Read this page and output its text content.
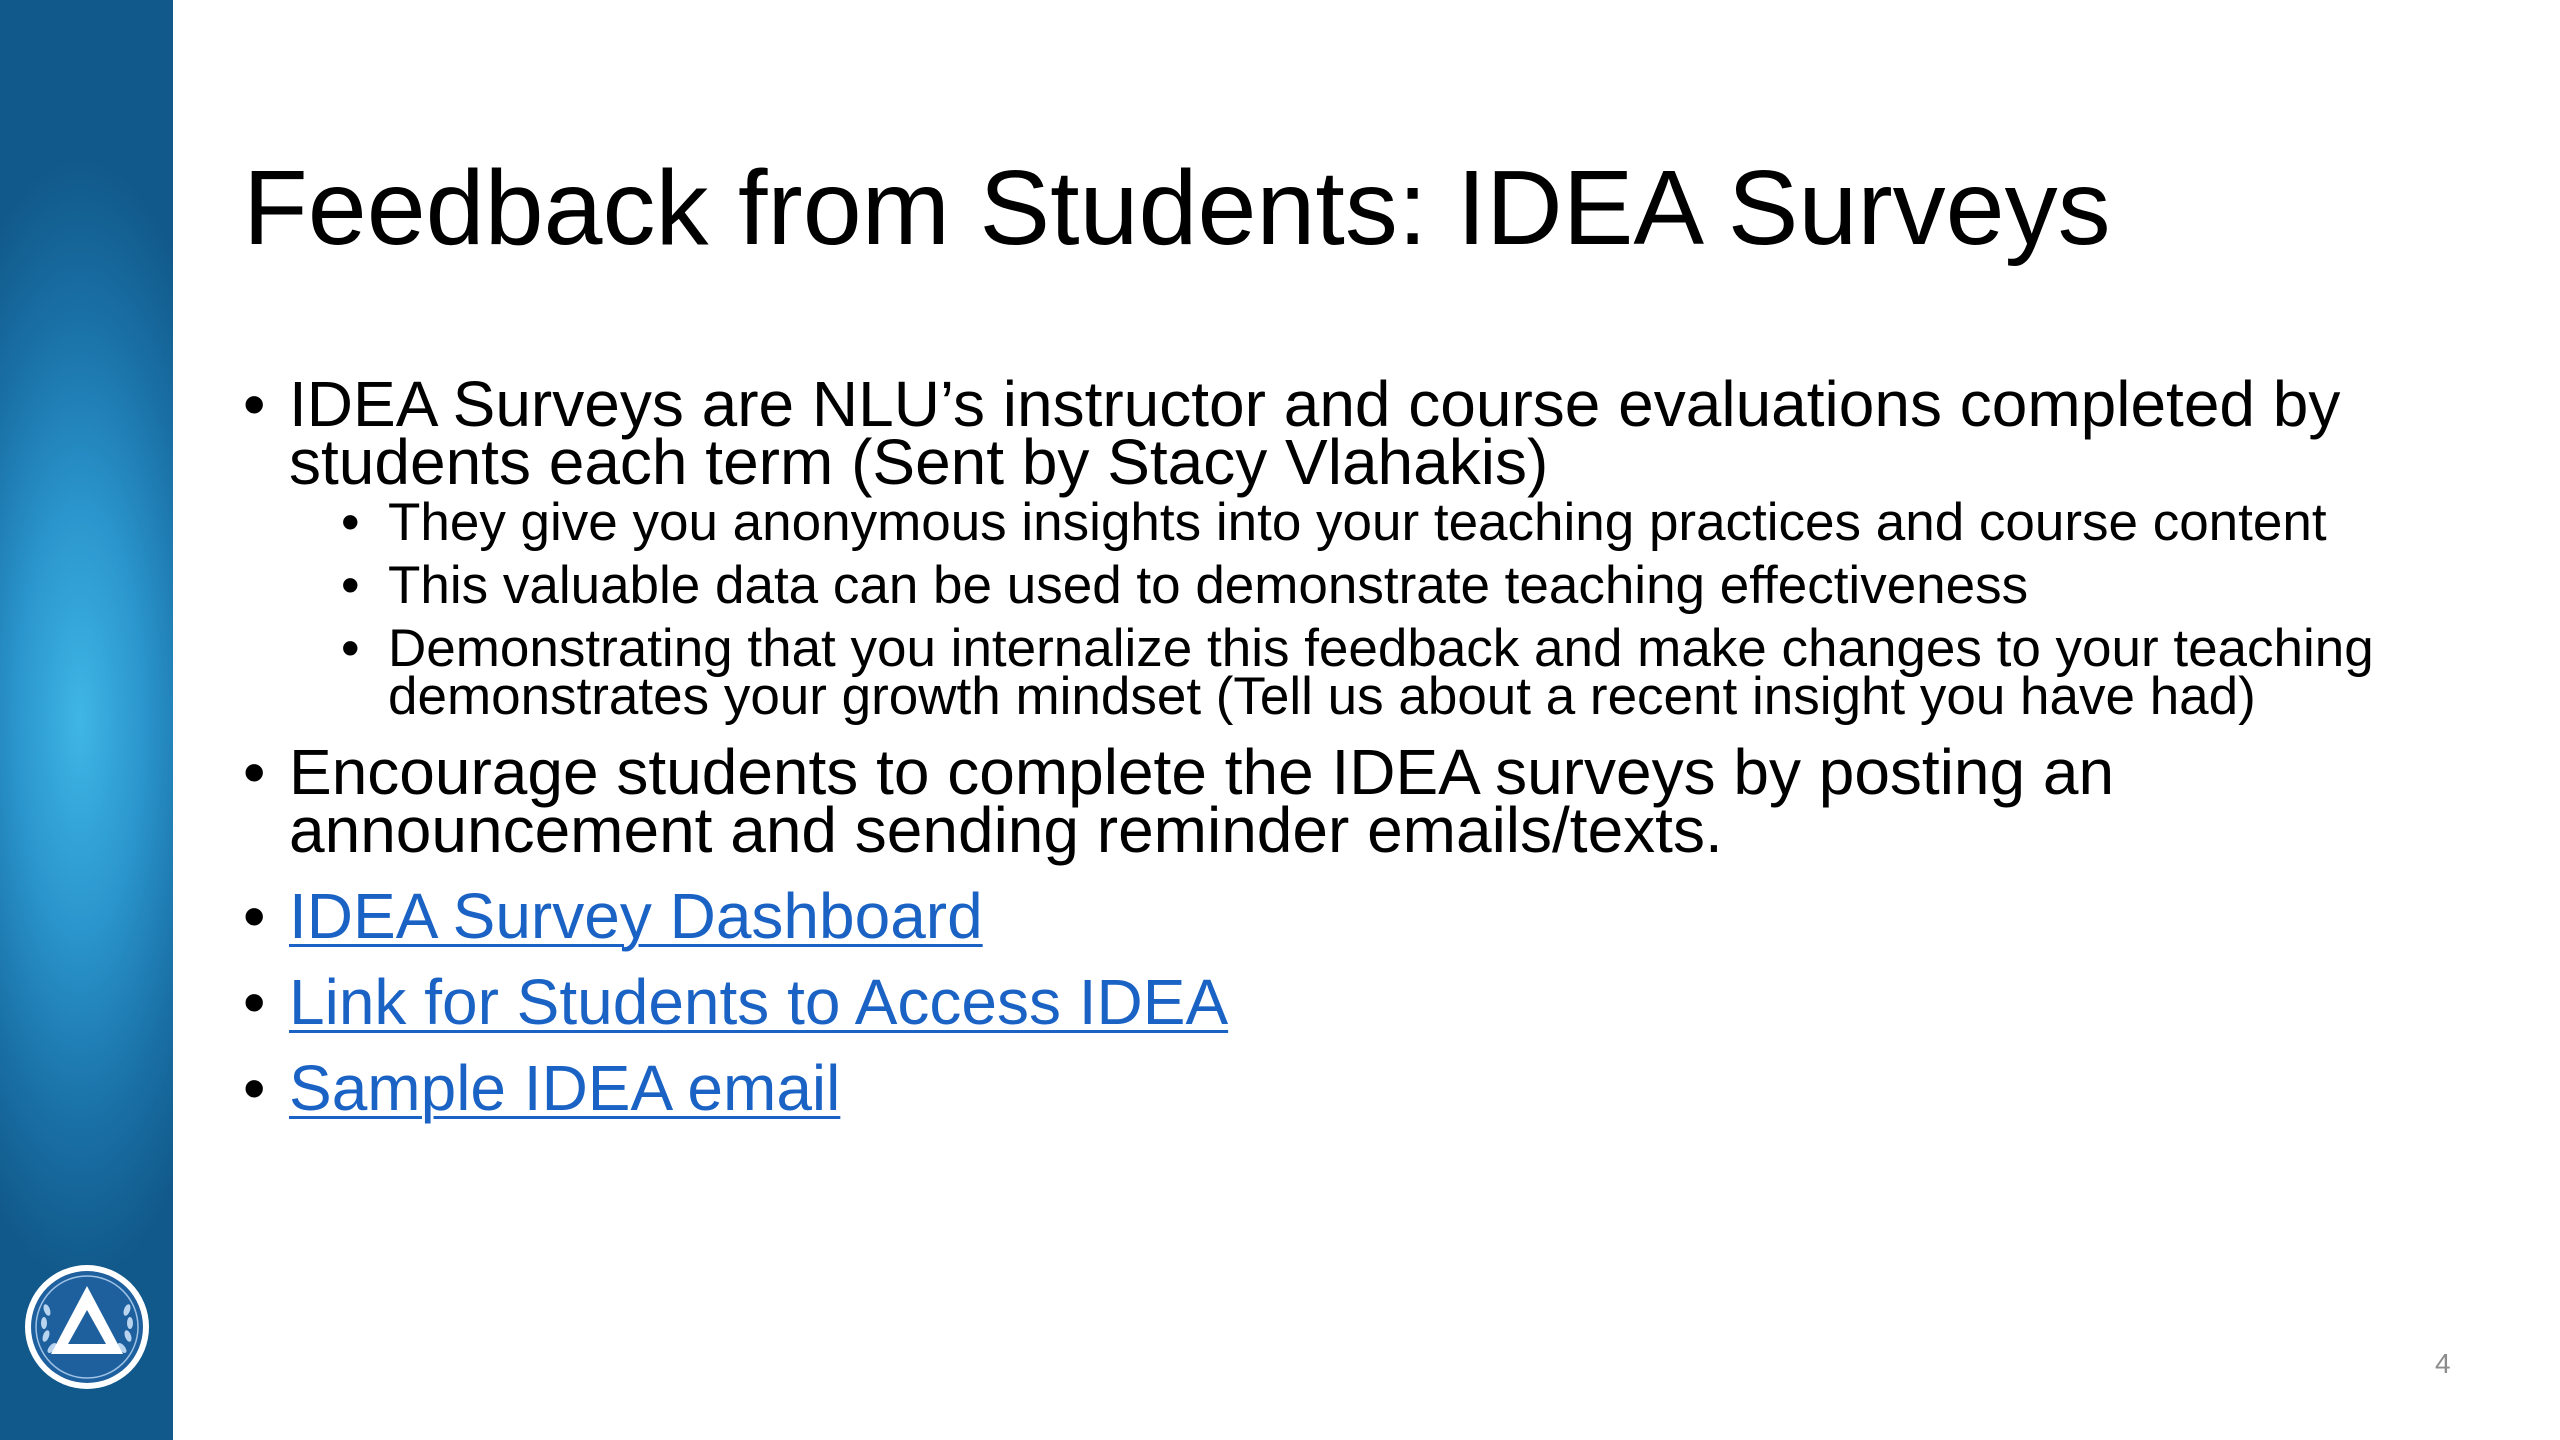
Feedback from Students: IDEA Surveys
• IDEA Surveys are NLU’s instructor and course evaluations completed by students each term (Sent by Stacy Vlahakis)
• They give you anonymous insights into your teaching practices and course content
• This valuable data can be used to demonstrate teaching effectiveness
• Demonstrating that you internalize this feedback and make changes to your teaching demonstrates your growth mindset (Tell us about a recent insight you have had)
• Encourage students to complete the IDEA surveys by posting an announcement and sending reminder emails/texts.
• IDEA Survey Dashboard
• Link for Students to Access IDEA
• Sample IDEA email
4
